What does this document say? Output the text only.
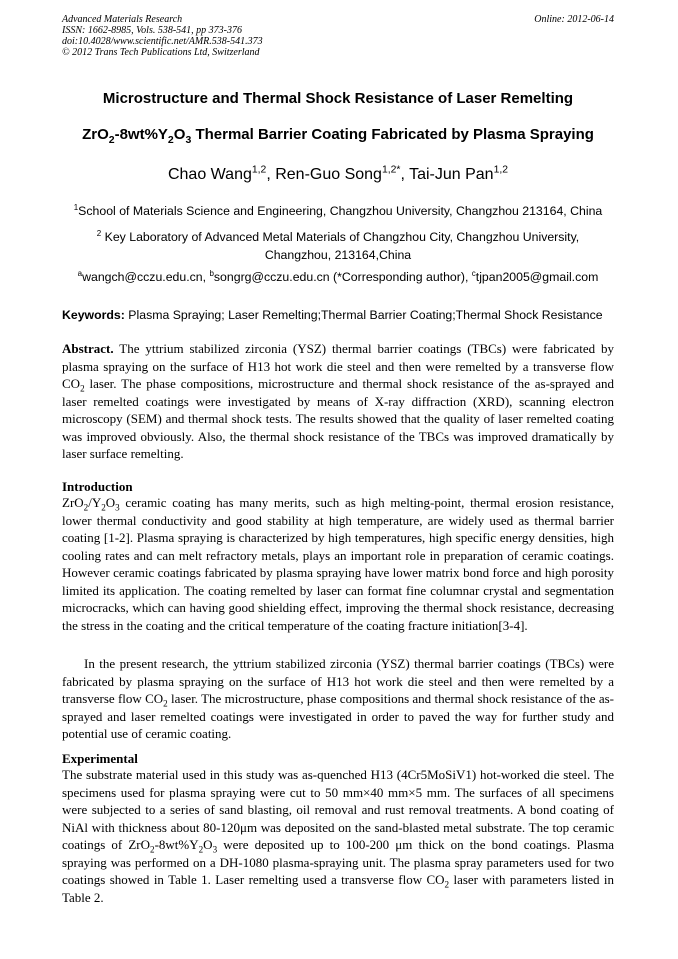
Advanced Materials Research
ISSN: 1662-8985, Vols. 538-541, pp 373-376
doi:10.4028/www.scientific.net/AMR.538-541.373
© 2012 Trans Tech Publications Ltd, Switzerland
Online: 2012-06-14
Microstructure and Thermal Shock Resistance of Laser Remelting
$ZrO_2-8wt\%Y_2O_3$ Thermal Barrier Coating Fabricated by Plasma Spraying
Chao Wang$^{1,2}$, Ren-Guo Song$^{1,2*}$, Tai-Jun Pan$^{1,2}$
$^1$School of Materials Science and Engineering, Changzhou University, Changzhou 213164, China
$^2$ Key Laboratory of Advanced Metal Materials of Changzhou City, Changzhou University,
Changzhou, 213164,China
$^a$wangch@cczu.edu.cn, $^b$songrg@cczu.edu.cn (*Corresponding author), $^c$tjpan2005@gmail.com
Keywords: Plasma Spraying; Laser Remelting;Thermal Barrier Coating;Thermal Shock Resistance
Abstract. The yttrium stabilized zirconia (YSZ) thermal barrier coatings (TBCs) were fabricated by plasma spraying on the surface of H13 hot work die steel and then were remelted by a transverse flow $CO_2$ laser. The phase compositions, microstructure and thermal shock resistance of the as-sprayed and laser remelted coatings were investigated by means of X-ray diffraction (XRD), scanning electron microscopy (SEM) and thermal shock tests. The results showed that the quality of laser remelted coating was improved obviously. Also, the thermal shock resistance of the TBCs was improved dramatically by laser surface remelting.
Introduction
$ZrO_2/Y_2O_3$ ceramic coating has many merits, such as high melting-point, thermal erosion resistance, lower thermal conductivity and good stability at high temperature, are widely used as thermal barrier coating [1-2]. Plasma spraying is characterized by high temperatures, high specific energy densities, high cooling rates and can melt refractory metals, plays an important role in preparation of ceramic coatings. However ceramic coatings fabricated by plasma spraying have lower matrix bond force and high porosity limited its application. The coating remelted by laser can format fine columnar crystal and segmentation microcracks, which can having good shielding effect, improving the thermal shock resistance, decreasing the stress in the coating and the critical temperature of the coating fracture initiation[3-4].
In the present research, the yttrium stabilized zirconia (YSZ) thermal barrier coatings (TBCs) were fabricated by plasma spraying on the surface of H13 hot work die steel and then were remelted by a transverse flow $CO_2$ laser. The microstructure, phase compositions and thermal shock resistance of the as-sprayed and laser remelted coatings were investigated in order to paved the way for further study and potential use of ceramic coating.
Experimental
The substrate material used in this study was as-quenched H13 (4Cr5MoSiV1) hot-worked die steel. The specimens used for plasma spraying were cut to 50 mm×40 mm×5 mm. The surfaces of all specimens were subjected to a series of sand blasting, oil removal and rust removal treatments. A bond coating of NiAl with thickness about 80-120μm was deposited on the sand-blasted metal substrate. The top ceramic coatings of $ZrO_2-8wt\%Y_2O_3$ were deposited up to 100-200 μm thick on the bond coatings. Plasma spraying was performed on a DH-1080 plasma-spraying unit. The plasma spray parameters used for two coatings showed in Table 1. Laser remelting used a transverse flow $CO_2$ laser with parameters listed in Table 2.
